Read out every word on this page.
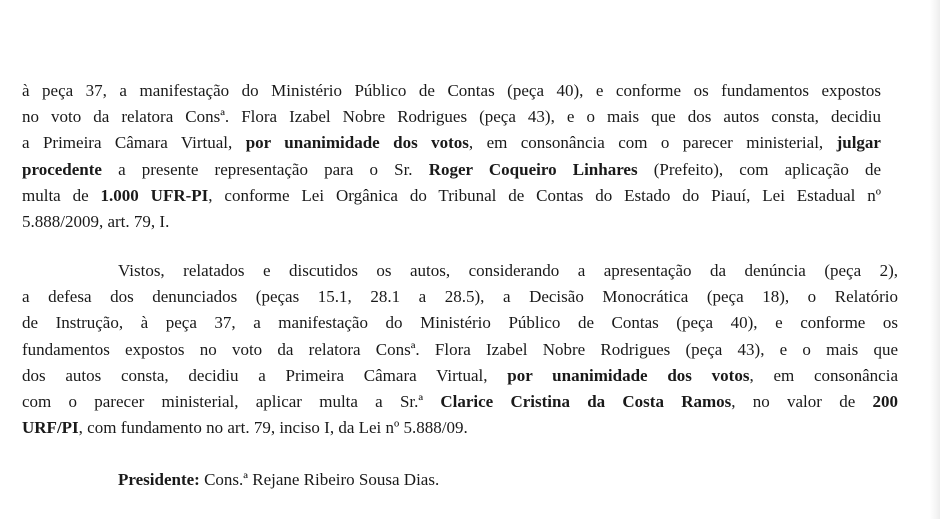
à peça 37, a manifestação do Ministério Público de Contas (peça 40), e conforme os fundamentos expostos
no voto da relatora Consª. Flora Izabel Nobre Rodrigues (peça 43), e o mais que dos autos consta, decidiu
a Primeira Câmara Virtual, por unanimidade dos votos, em consonância com o parecer ministerial, julgar
procedente a presente representação para o Sr. Roger Coqueiro Linhares (Prefeito), com aplicação de
multa de 1.000 UFR-PI, conforme Lei Orgânica do Tribunal de Contas do Estado do Piauí, Lei Estadual nº
5.888/2009, art. 79, I.
Vistos, relatados e discutidos os autos, considerando a apresentação da denúncia (peça 2),
a defesa dos denunciados (peças 15.1, 28.1 a 28.5), a Decisão Monocrática (peça 18), o Relatório
de Instrução, à peça 37, a manifestação do Ministério Público de Contas (peça 40), e conforme os
fundamentos expostos no voto da relatora Consª. Flora Izabel Nobre Rodrigues (peça 43), e o mais que
dos autos consta, decidiu a Primeira Câmara Virtual, por unanimidade dos votos, em consonância
com o parecer ministerial, aplicar multa a Sr.ª Clarice Cristina da Costa Ramos, no valor de 200
URF/PI, com fundamento no art. 79, inciso I, da Lei nº 5.888/09.

Presidente: Cons.ª Rejane Ribeiro Sousa Dias.
